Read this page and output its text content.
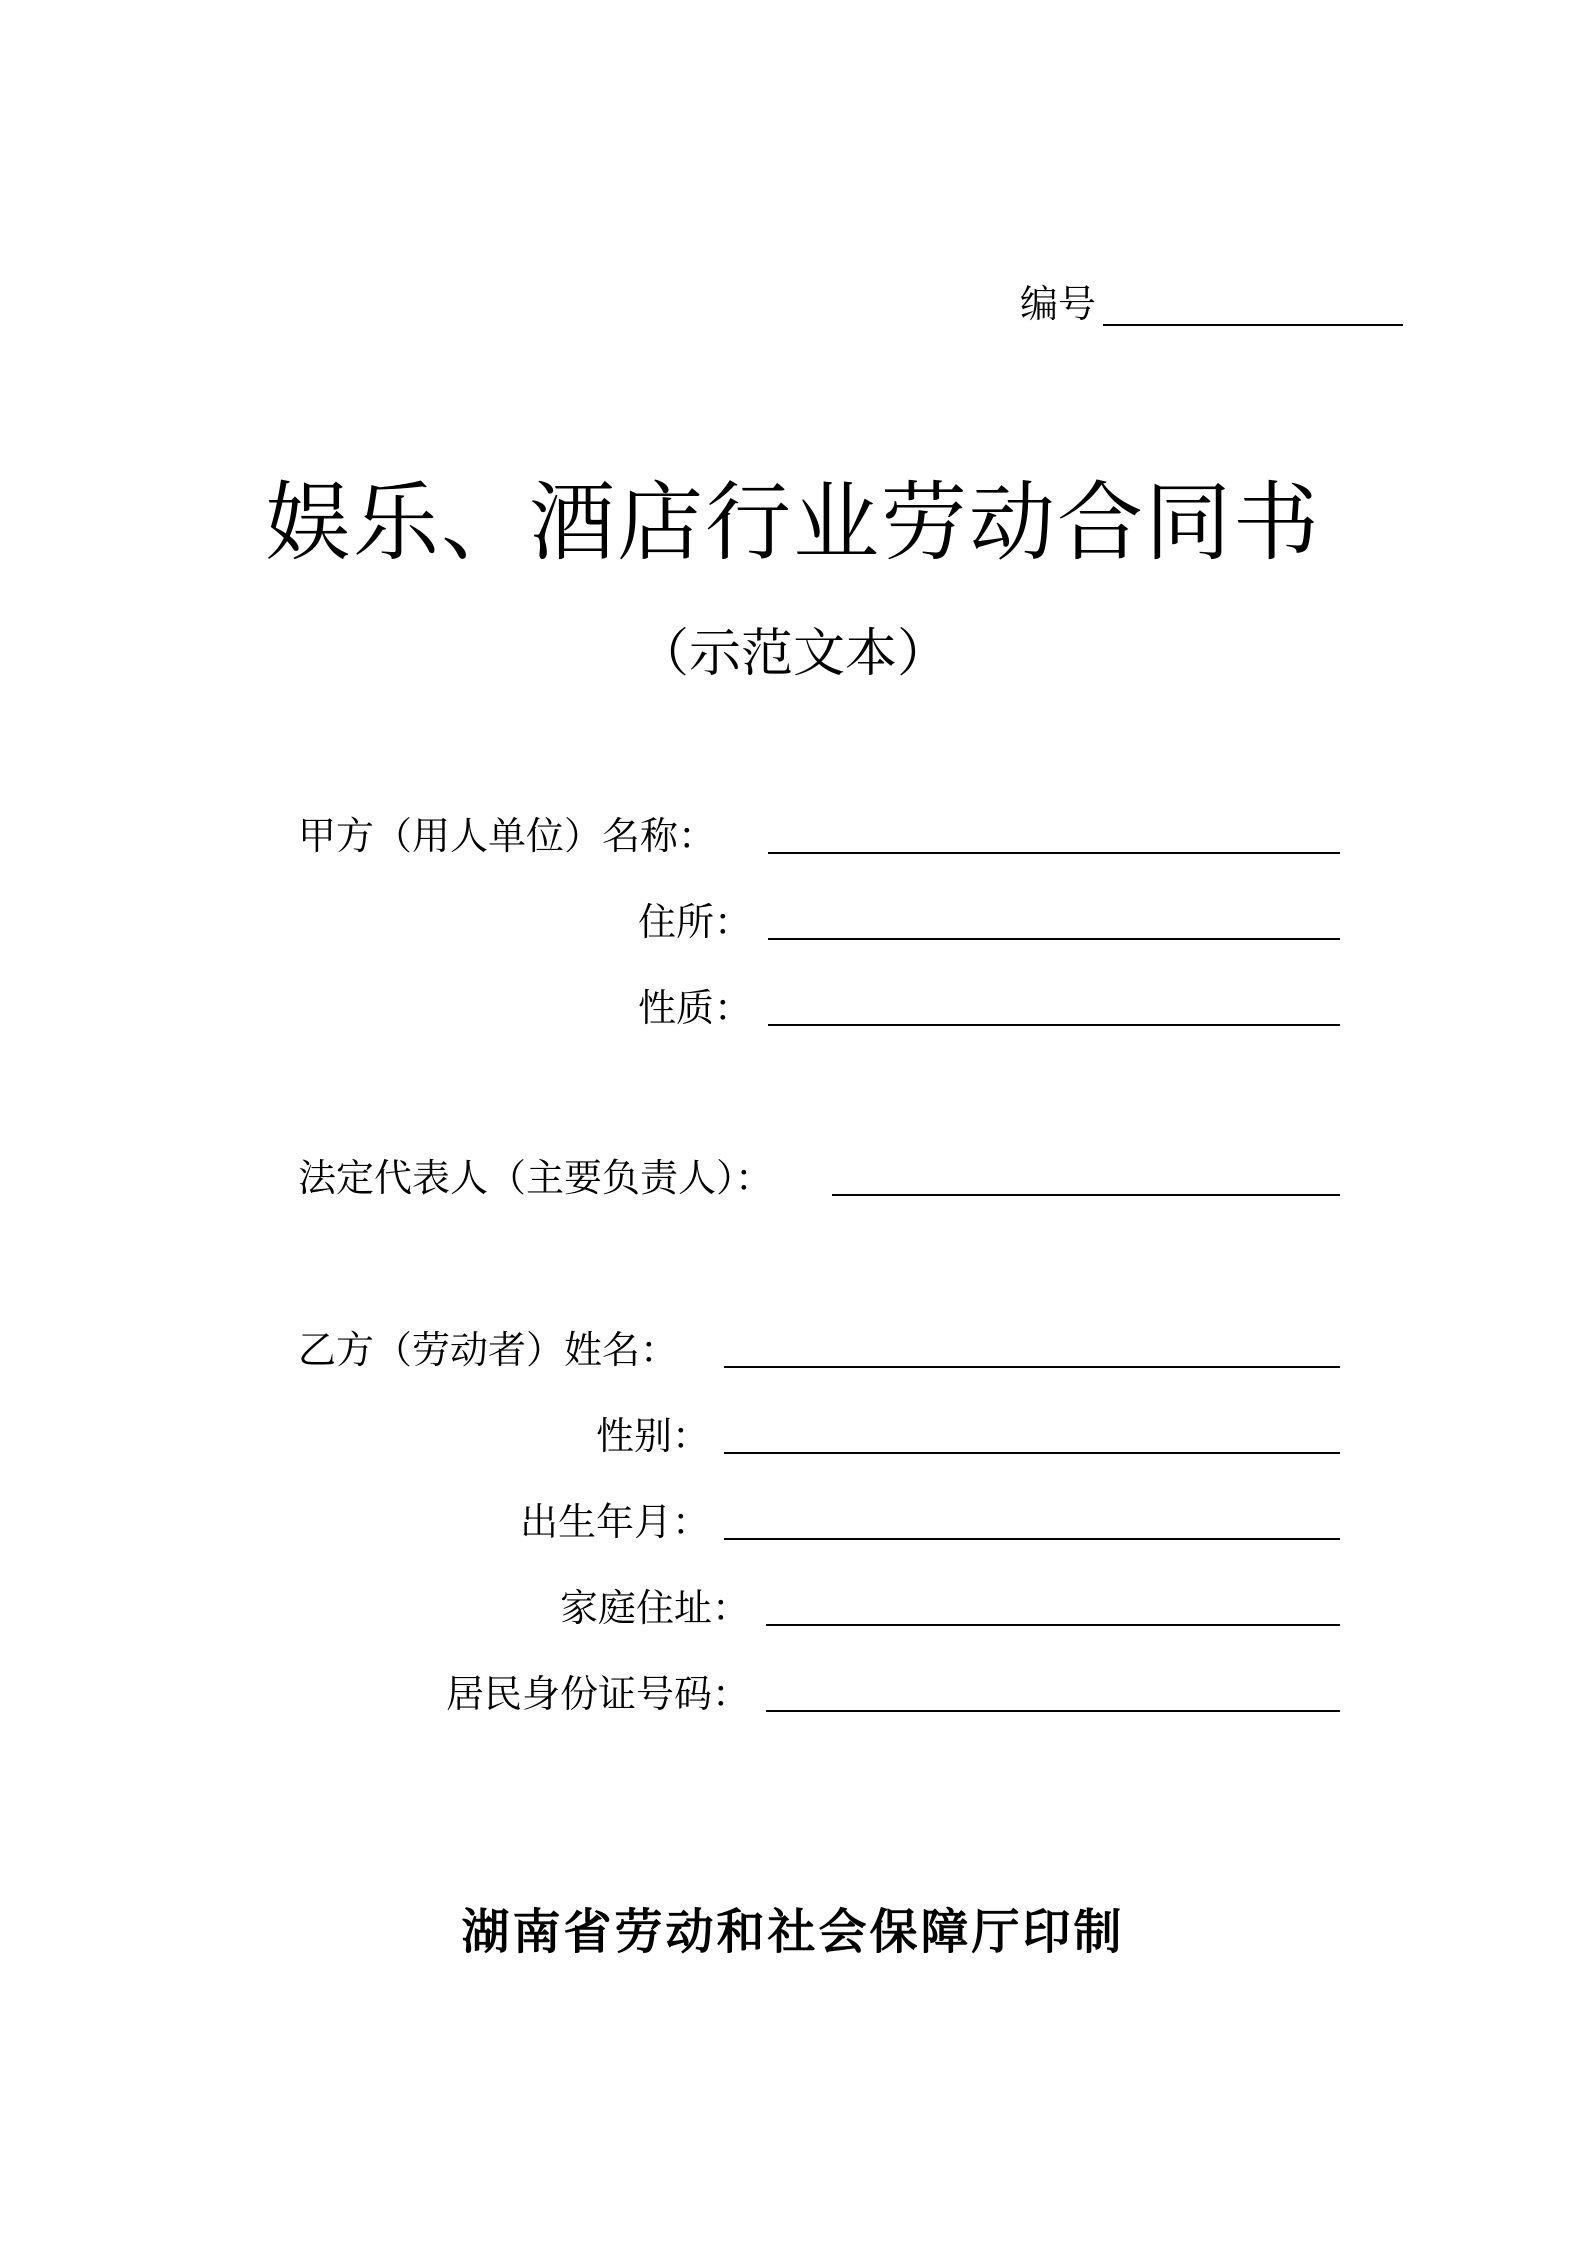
编号
娱乐、酒店行业劳动合同书
（示范文本）
甲方（用人单位）名称：
住所：
性质：
法定代表人（主要负责人）：
乙方（劳动者）姓名：
性别：
出生年月：
家庭住址：
居民身份证号码：
湖南省劳动和社会保障厅印制
